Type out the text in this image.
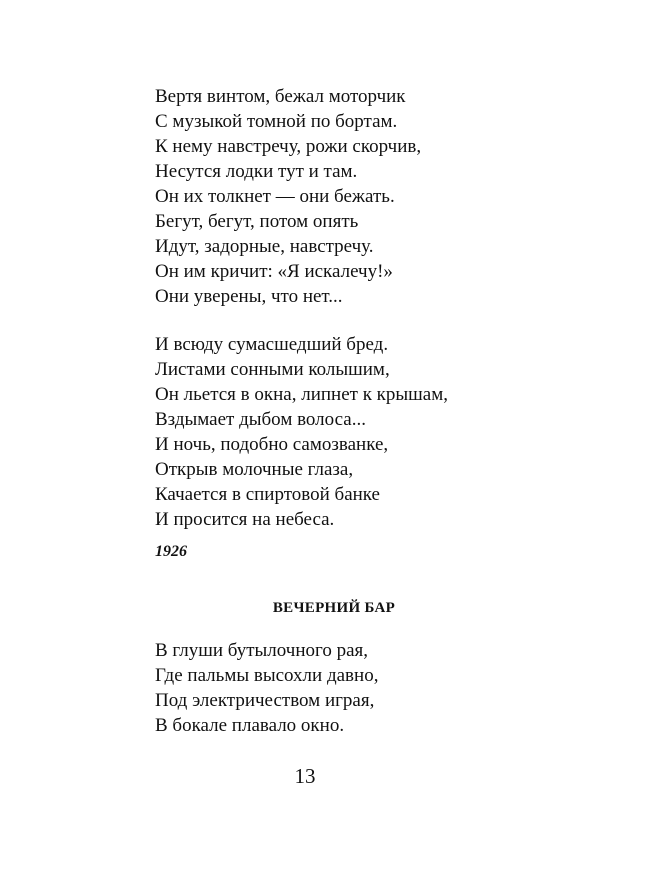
Вертя винтом, бежал моторчик
С музыкой томной по бортам.
К нему навстречу, рожи скорчив,
Несутся лодки тут и там.
Он их толкнет — они бежать.
Бегут, бегут, потом опять
Идут, задорные, навстречу.
Он им кричит: «Я искалечу!»
Они уверены, что нет...
И всюду сумасшедший бред.
Листами сонными колышим,
Он льется в окна, липнет к крышам,
Вздымает дыбом волоса...
И ночь, подобно самозванке,
Открыв молочные глаза,
Качается в спиртовой банке
И просится на небеса.
1926
ВЕЧЕРНИЙ БАР
В глуши бутылочного рая,
Где пальмы высохли давно,
Под электричеством играя,
В бокале плавало окно.
13
